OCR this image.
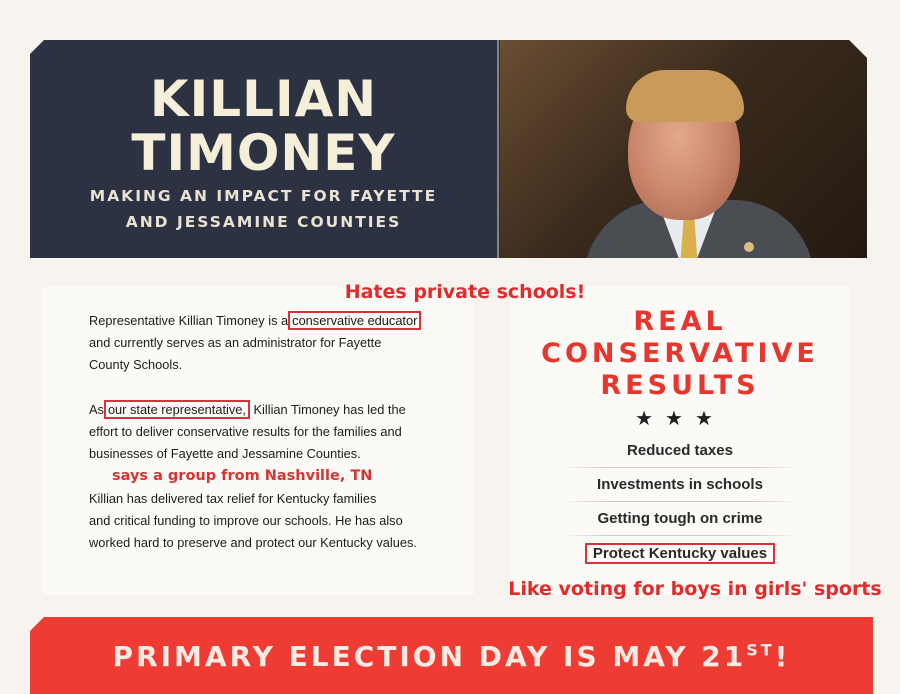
KILLIAN
TIMONEY
MAKING AN IMPACT FOR FAYETTE
AND JESSAMINE COUNTIES

Representative Killian Timoney is a conservative educator
and currently serves as an administrator for Fayette
County Schools.

As our state representative, Killian Timoney has led the
effort to deliver conservative results for the families and
businesses of Fayette and Jessamine Counties.

Killian has delivered tax relief for Kentucky families
and critical funding to improve our schools. He has also
worked hard to preserve and protect our Kentucky values.

Hates private schools!
says a group from Nashville, TN
Like voting for boys in girls' sports
REAL
CONSERVATIVE
RESULTS
★★★
Reduced taxes
Investments in schools
Getting tough on crime
Protect Kentucky values
PRIMARY ELECTION DAY IS MAY 21ST!
